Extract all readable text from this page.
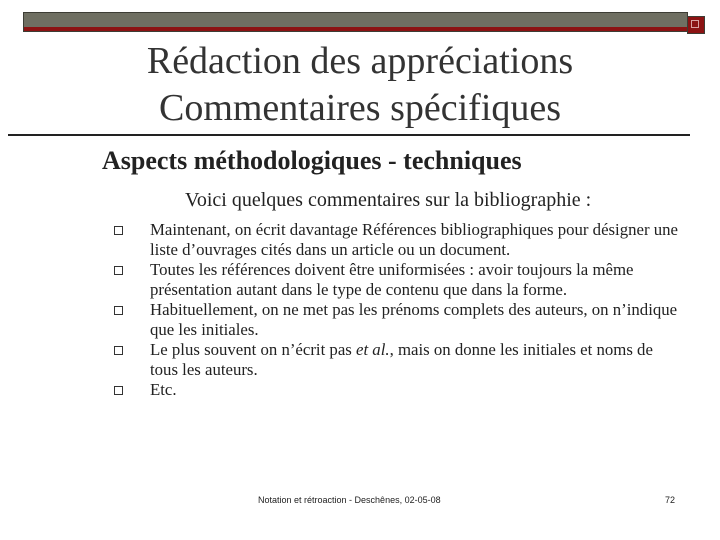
Rédaction des appréciations
Commentaires spécifiques
Aspects méthodologiques - techniques
Voici quelques commentaires sur la bibliographie :
Maintenant, on écrit davantage Références bibliographiques pour désigner une liste d’ouvrages cités dans un article ou un document.
Toutes les références doivent être uniformisées : avoir toujours la même présentation autant dans le type de contenu que dans la forme.
Habituellement, on ne met pas les prénoms complets des auteurs, on n’indique que les initiales.
Le plus souvent on n’écrit pas et al., mais on donne les initiales et noms de tous les auteurs.
Etc.
Notation et rétroaction - Deschênes, 02-05-08	72
